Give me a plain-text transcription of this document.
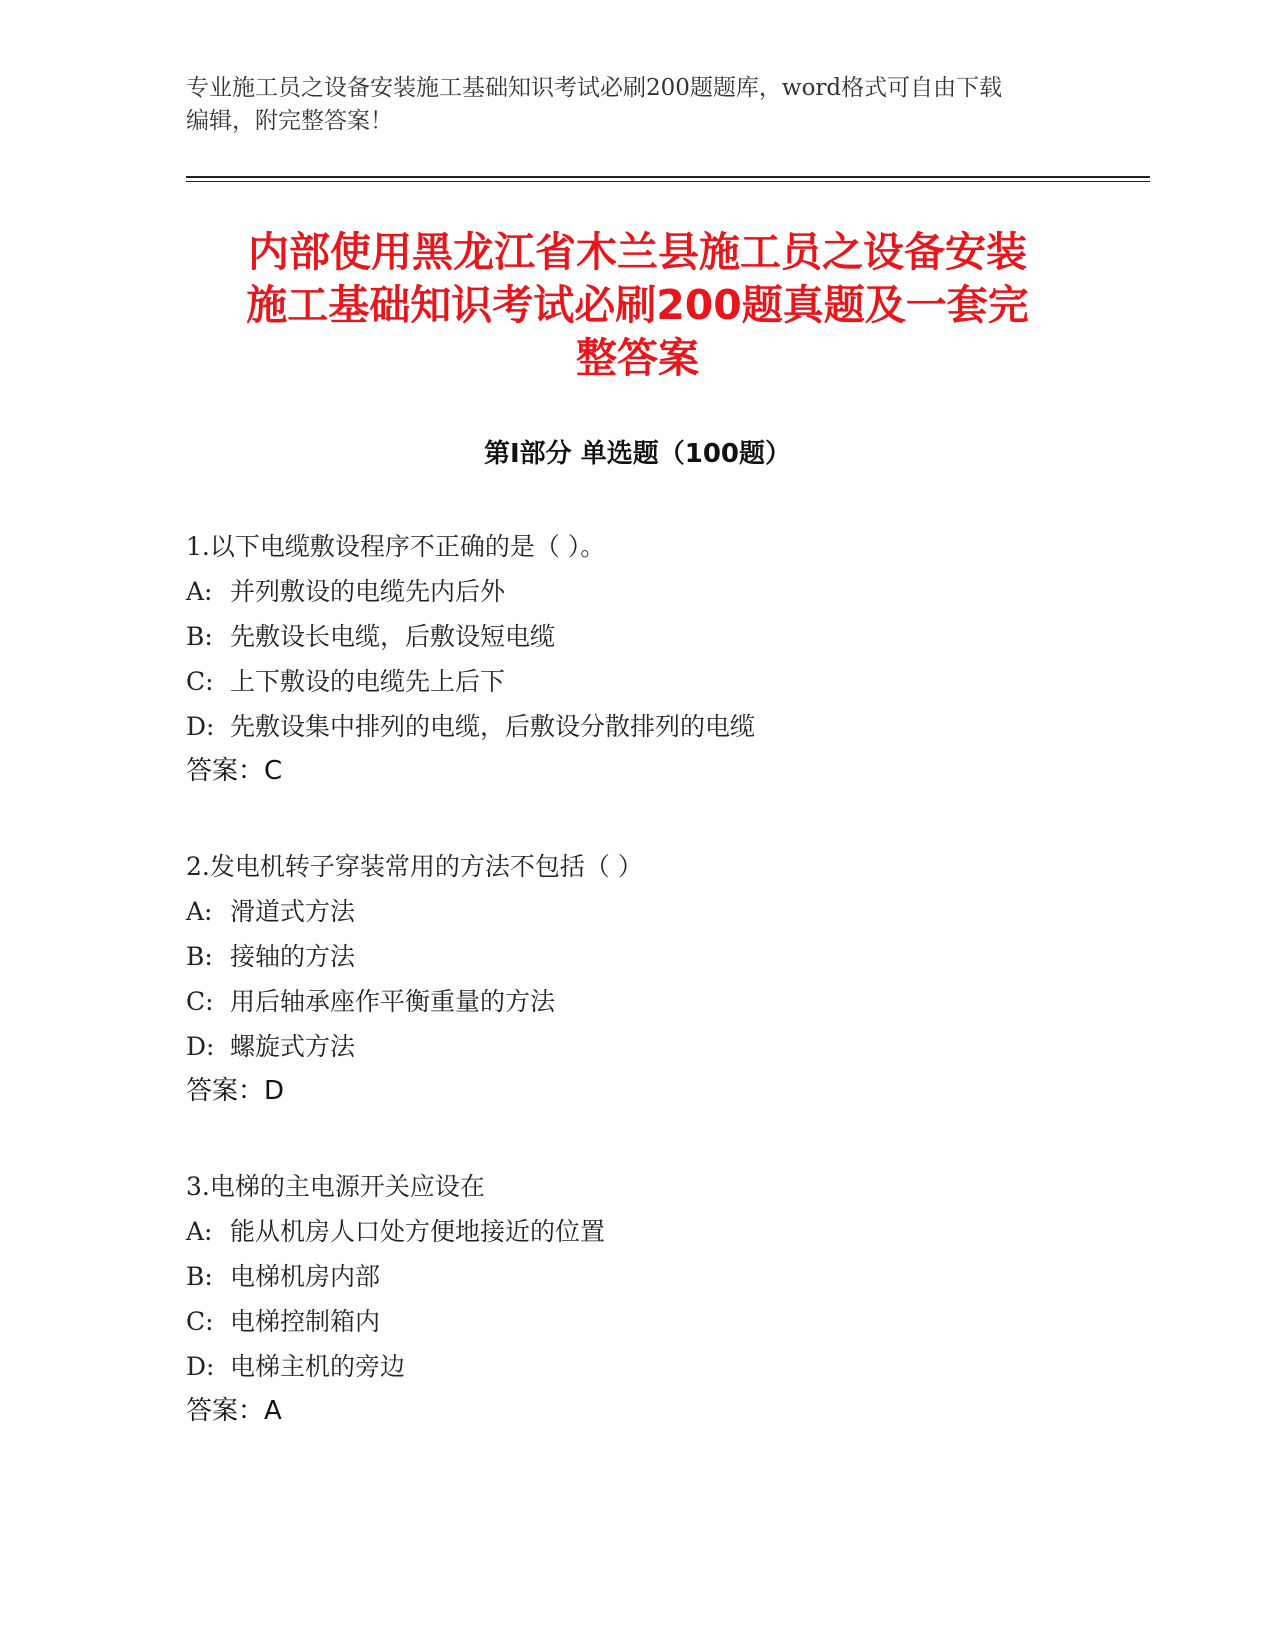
专业施工员之设备安装施工基础知识考试必刷200题题库，word格式可自由下载
编辑，附完整答案！
内部使用黑龙江省木兰县施工员之设备安装
施工基础知识考试必刷200题真题及一套完
整答案
第Ⅰ部分 单选题（100题）
1.以下电缆敷设程序不正确的是（ ）。
A: 并列敷设的电缆先内后外
B: 先敷设长电缆，后敷设短电缆
C: 上下敷设的电缆先上后下
D: 先敷设集中排列的电缆，后敷设分散排列的电缆
答案：C
2.发电机转子穿装常用的方法不包括（ ）
A: 滑道式方法
B: 接轴的方法
C: 用后轴承座作平衡重量的方法
D: 螺旋式方法
答案：D
3.电梯的主电源开关应设在
A: 能从机房人口处方便地接近的位置
B: 电梯机房内部
C: 电梯控制箱内
D: 电梯主机的旁边
答案：A
